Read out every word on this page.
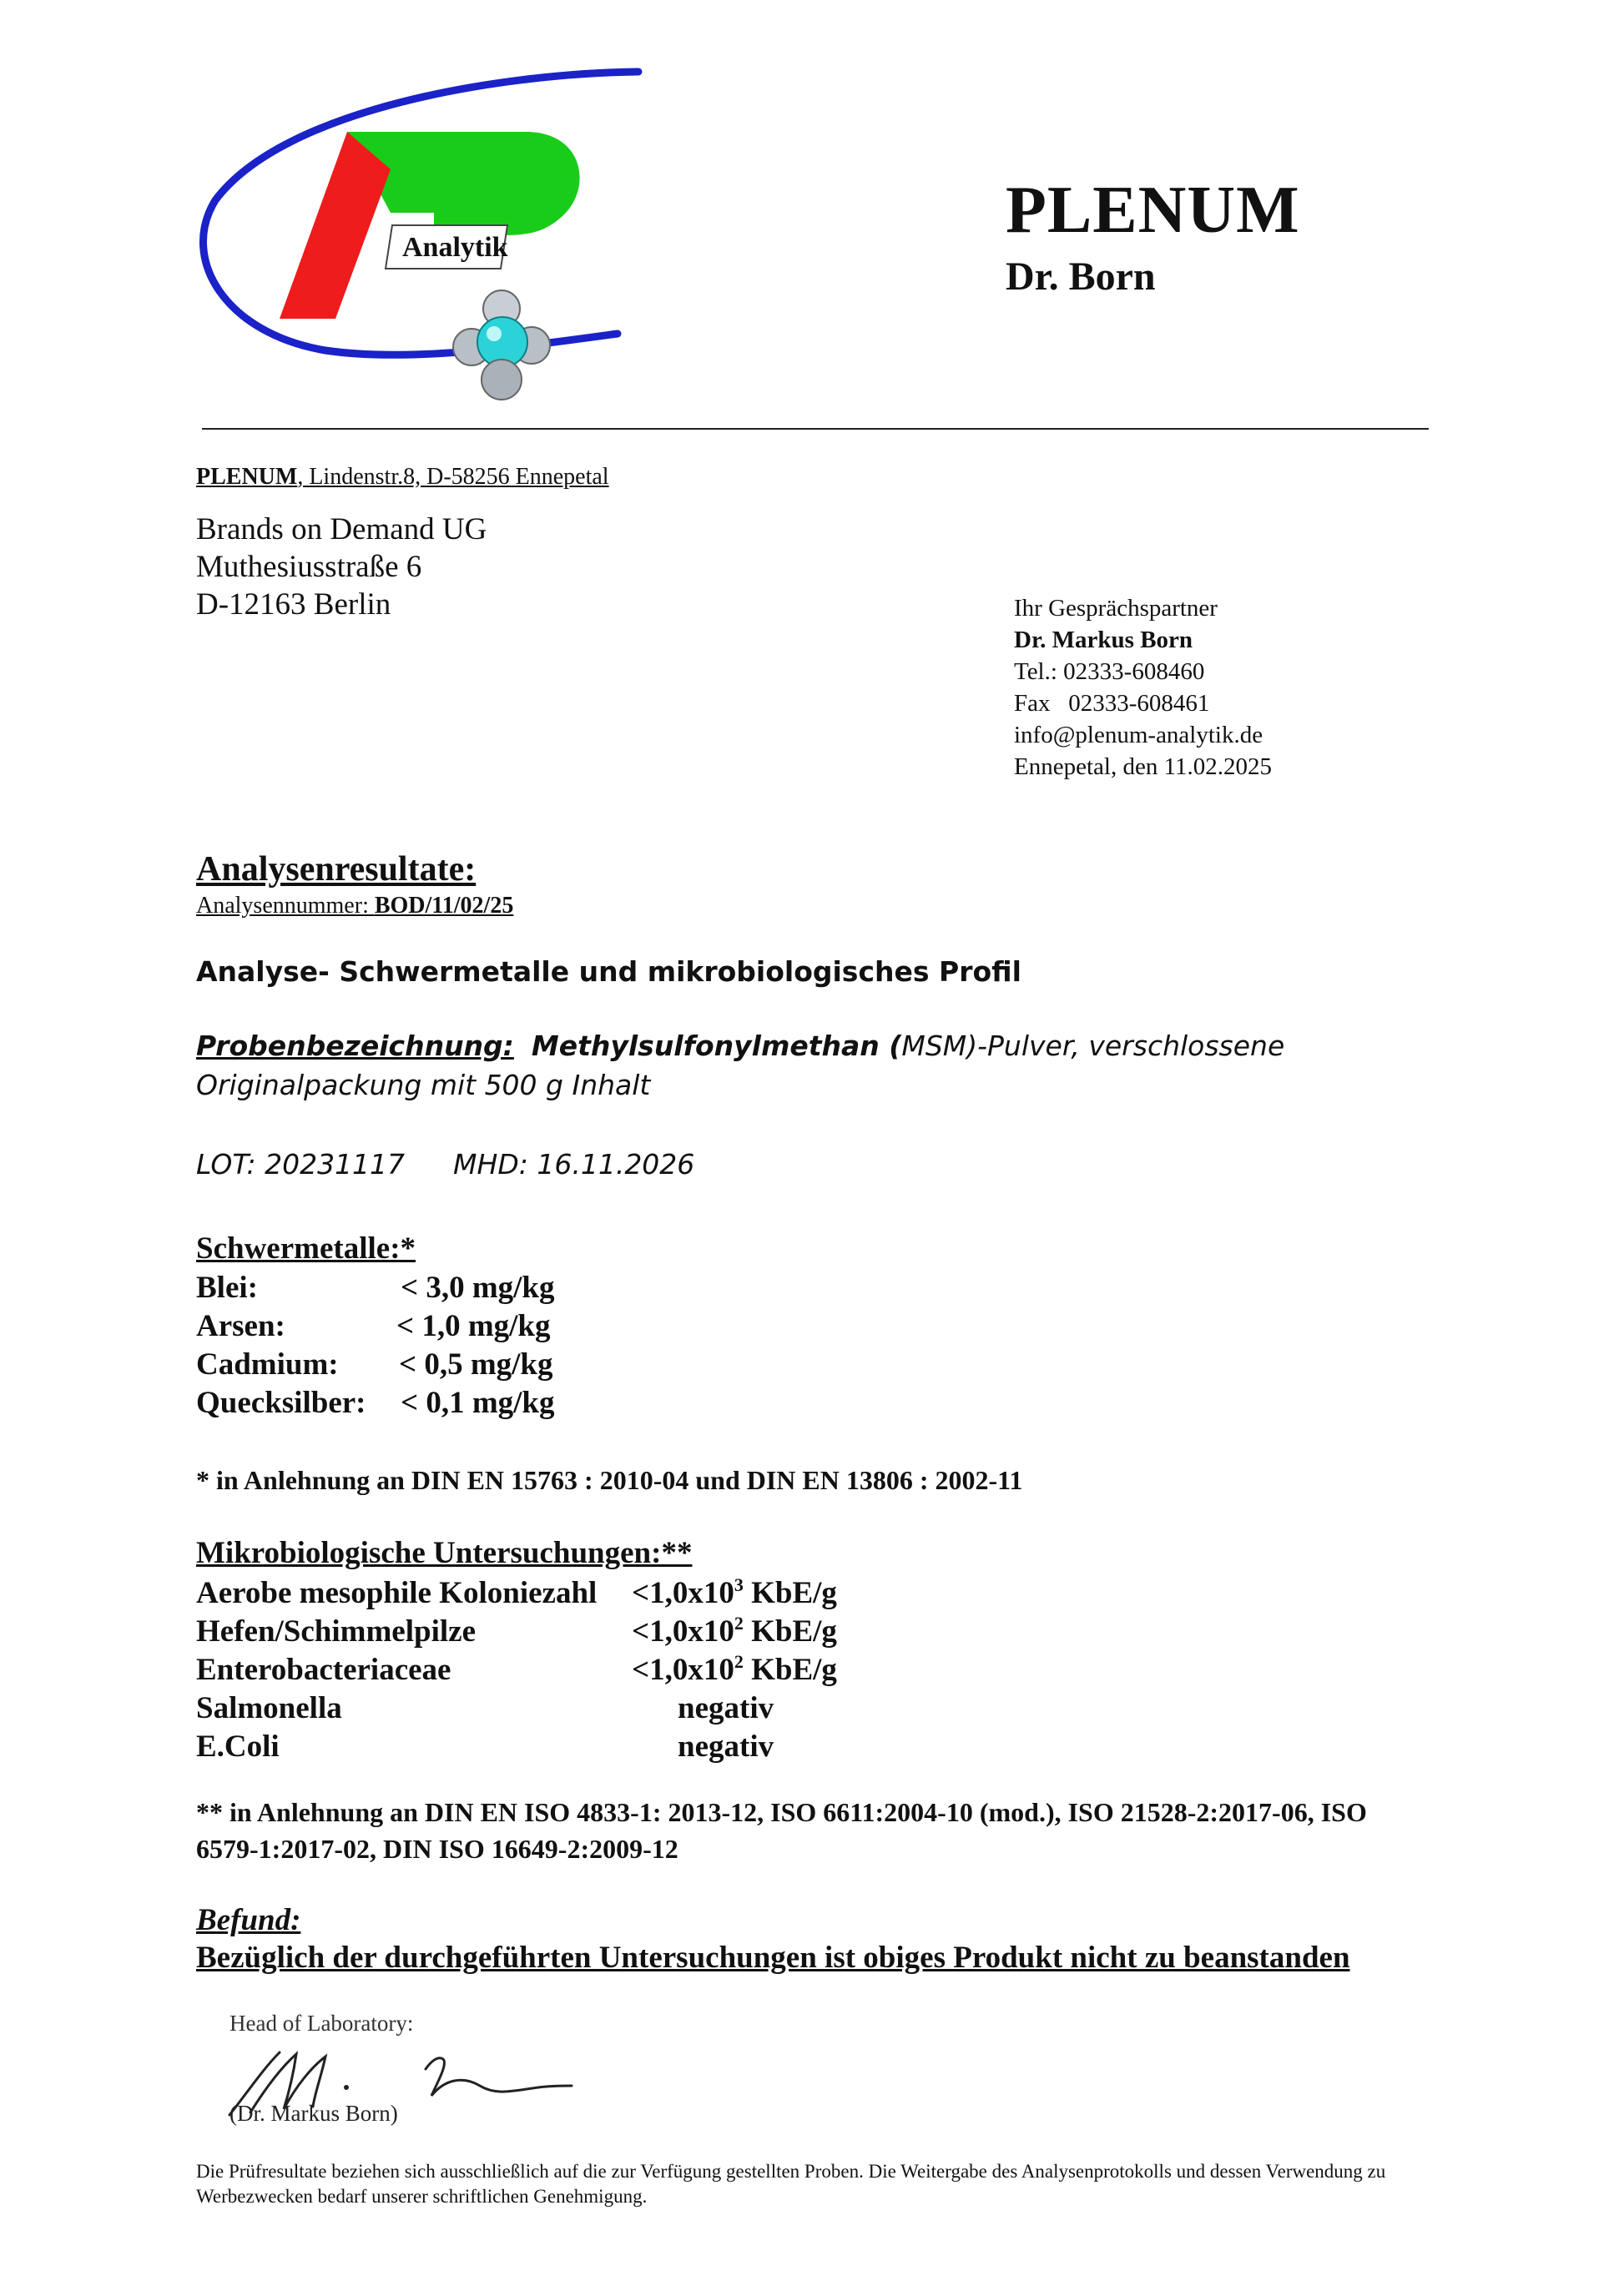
Analytik
PLENUM
Dr. Born
PLENUM, Lindenstr.8, D-58256 Ennepetal
Brands on Demand UG
Muthesiusstraße 6
D-12163 Berlin	Ihr Gesprächspartner
Dr. Markus Born
Tel.: 02333-608460
Fax   02333-608461
info@plenum-analytik.de
Ennepetal, den 11.02.2025
Analysenresultate:
Analysennummer: BOD/11/02/25
Analyse- Schwermetalle und mikrobiologisches Profil
Probenbezeichnung: Methylsulfonylmethan (MSM)-Pulver, verschlossene Originalpackung mit 500 g Inhalt
LOT: 20231117 MHD: 16.11.2026
Schwermetalle:*
Blei:	< 3,0 mg/kg
Arsen:	< 1,0 mg/kg
Cadmium: < 0,5 mg/kg
Quecksilber: < 0,1 mg/kg
* in Anlehnung an DIN EN 15763 : 2010-04 und DIN EN 13806 : 2002-11
Mikrobiologische Untersuchungen:**
Aerobe mesophile Koloniezahl $<1,0x10^3$ KbE/g
Hefen/Schimmelpilze	$<1,0x10^2$ KbE/g
Enterobacteriaceae	$<1,0x10^2$ KbE/g
Salmonella	negativ
E.Coli	negativ
** in Anlehnung an DIN EN ISO 4833-1: 2013-12, ISO 6611:2004-10 (mod.), ISO 21528-2:2017-06, ISO 6579-1:2017-02, DIN ISO 16649-2:2009-12
Befund:
Bezüglich der durchgeführten Untersuchungen ist obiges Produkt nicht zu beanstanden
Head of Laboratory:
(Dr. Markus Born)
Die Prüfresultate beziehen sich ausschließlich auf die zur Verfügung gestellten Proben. Die Weitergabe des Analysenprotokolls und dessen Verwendung zu Werbezwecken bedarf unserer schriftlichen Genehmigung.
